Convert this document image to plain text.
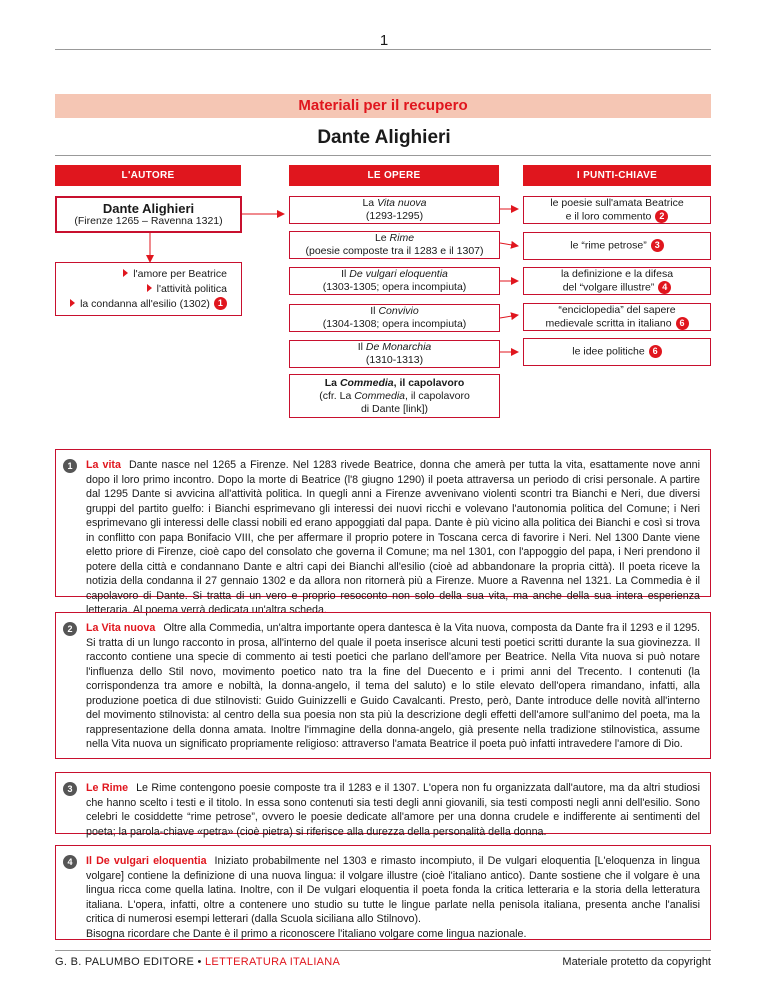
1
Materiali per il recupero
Dante Alighieri
L'AUTORE	LE OPERE	I PUNTI-CHIAVE
Dante Alighieri
(Firenze 1265 – Ravenna 1321)
l'amore per Beatrice
l'attività politica
la condanna all'esilio (1302) 1
La Vita nuova
(1293-1295)
Le Rime
(poesie composte tra il 1283 e il 1307)
Il De vulgari eloquentia
(1303-1305; opera incompiuta)
Il Convivio
(1304-1308; opera incompiuta)
Il De Monarchia
(1310-1313)
La Commedia, il capolavoro
(cfr. La Commedia, il capolavoro
di Dante [link])
le poesie sull'amata Beatrice
e il loro commento 2
le “rime petrose” 3
la definizione e la difesa
del “volgare illustre” 4
“enciclopedia” del sapere
medievale scritta in italiano 6
le idee politiche 6
1	La vita Dante nasce nel 1265 a Firenze. Nel 1283 rivede Beatrice, donna che amerà per tutta la vita, esattamente nove anni dopo il loro primo incontro. Dopo la morte di Beatrice (l'8 giugno 1290) il poeta attraversa un periodo di crisi personale. A partire dal 1295 Dante si avvicina all'attività politica. In quegli anni a Firenze avvenivano violenti scontri tra Bianchi e Neri, due diversi gruppi del partito guelfo: i Bianchi esprimevano gli interessi dei nuovi ricchi e volevano l'autonomia politica del Comune; i Neri esprimevano gli interessi delle classi nobili ed erano appoggiati dal papa. Dante è più vicino alla politica dei Bianchi e così si trova in conflitto con papa Bonifacio VIII, che per affermare il proprio potere in Toscana cerca di favorire i Neri. Nel 1300 Dante viene eletto priore di Firenze, cioè capo del consolato che governa il Comune; ma nel 1301, con l'appoggio del papa, i Neri prendono il potere della città e condannano Dante e altri capi dei Bianchi all'esilio (cioè ad abbandonare la propria città). Il poeta riceve la notizia della condanna il 27 gennaio 1302 e da allora non ritornerà più a Firenze. Muore a Ravenna nel 1321. La Commedia è il capolavoro di Dante. Si tratta di un vero e proprio resoconto non solo della sua vita, ma anche della sua intera esperienza letteraria. Al poema verrà dedicata un'altra scheda.

2	La Vita nuova Oltre alla Commedia, un'altra importante opera dantesca è la Vita nuova, composta da Dante fra il 1293 e il 1295. Si tratta di un lungo racconto in prosa, all'interno del quale il poeta inserisce alcuni testi poetici scritti durante la sua giovinezza. Il racconto contiene una specie di commento ai testi poetici che parlano dell'amore per Beatrice. Nella Vita nuova si può notare l'influenza dello Stil novo, movimento poetico nato tra la fine del Duecento e i primi anni del Trecento. I contenuti (la corrispondenza tra amore e nobiltà, la donna-angelo, il tema del saluto) e lo stile elevato dell'opera rimandano, infatti, alla produzione poetica di due stilnovisti: Guido Guinizzelli e Guido Cavalcanti. Presto, però, Dante introduce delle novità all'interno del movimento stilnovista: al centro della sua poesia non sta più la descrizione degli effetti dell'amore sull'animo del poeta, ma la rappresentazione della donna amata. Inoltre l'immagine della donna-angelo, già presente nella tradizione stilnovistica, assume nella Vita nuova un significato propriamente religioso: attraverso l'amata Beatrice il poeta può infatti intravedere l'amore di Dio.

3	Le Rime Le Rime contengono poesie composte tra il 1283 e il 1307. L'opera non fu organizzata dall'autore, ma da altri studiosi che hanno scelto i testi e il titolo. In essa sono contenuti sia testi degli anni giovanili, sia testi composti negli anni dell'esilio. Sono celebri le cosiddette “rime petrose”, ovvero le poesie dedicate all'amore per una donna crudele e indifferente ai sentimenti del poeta; la parola-chiave «petra» (cioè pietra) si riferisce alla durezza della personalità della donna.

4	Il De vulgari eloquentia Iniziato probabilmente nel 1303 e rimasto incompiuto, il De vulgari eloquentia [L'eloquenza in lingua volgare] contiene la definizione di una nuova lingua: il volgare illustre (cioè l'italiano antico). Dante sostiene che il volgare è una lingua ricca come quella latina. Inoltre, con il De vulgari eloquentia il poeta fonda la critica letteraria e la storia della letteratura italiana. L'opera, infatti, oltre a contenere uno studio su tutte le lingue parlate nella penisola italiana, presenta anche l'analisi critica di numerosi esempi letterari (dalla Scuola siciliana allo Stilnovo).

Bisogna ricordare che Dante è il primo a riconoscere l'italiano volgare come lingua nazionale.

G. B. PALUMBO EDITORE • LETTERATURA ITALIANA	Materiale protetto da copyright
